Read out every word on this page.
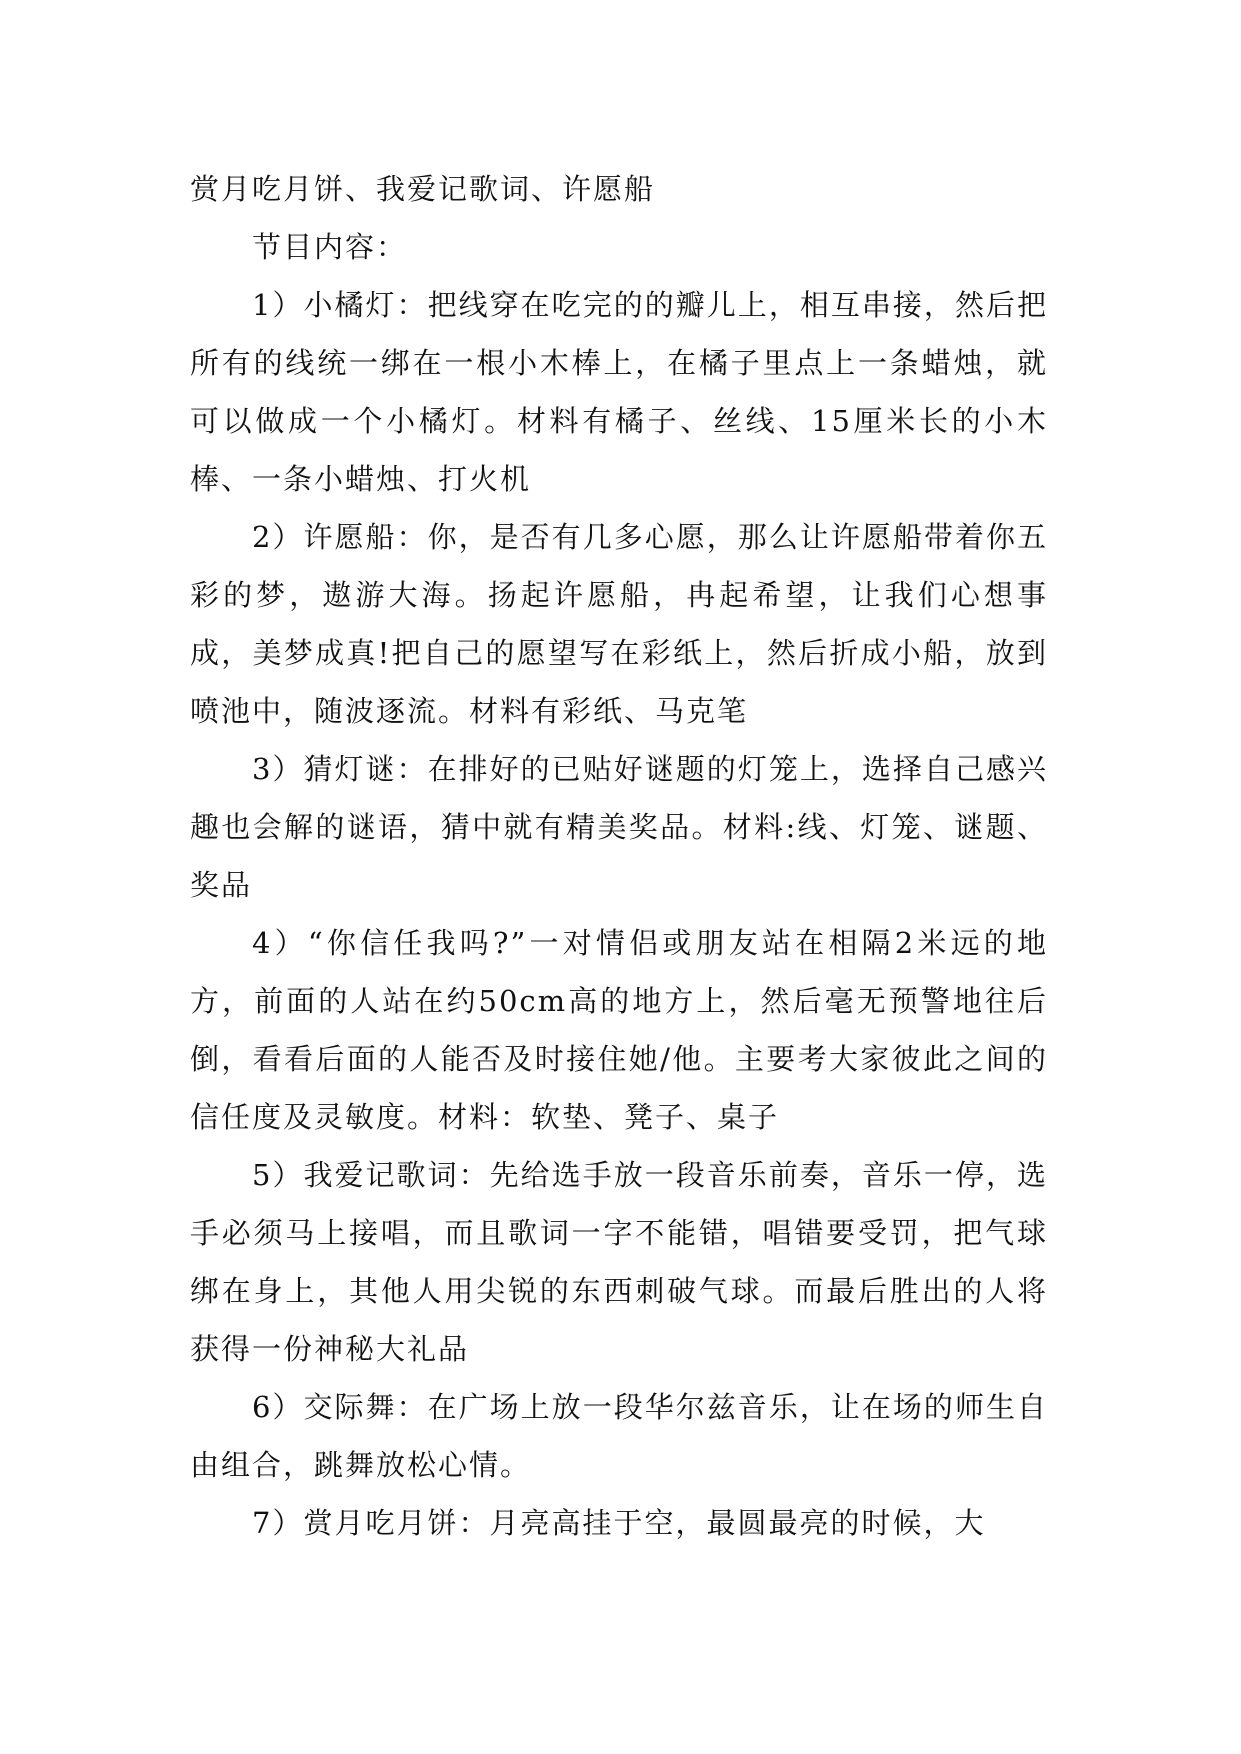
赏月吃月饼、我爱记歌词、许愿船

节目内容：

1）小橘灯：把线穿在吃完的的瓣儿上，相互串接，然后把所有的线统一绑在一根小木棒上，在橘子里点上一条蜡烛，就可以做成一个小橘灯。材料有橘子、丝线、15厘米长的小木棒、一条小蜡烛、打火机

2）许愿船：你，是否有几多心愿，那么让许愿船带着你五彩的梦，遨游大海。扬起许愿船，冉起希望，让我们心想事成，美梦成真!把自己的愿望写在彩纸上，然后折成小船，放到喷池中，随波逐流。材料有彩纸、马克笔

3）猜灯谜：在排好的已贴好谜题的灯笼上，选择自己感兴趣也会解的谜语，猜中就有精美奖品。材料:线、灯笼、谜题、奖品

4）“你信任我吗?”一对情侣或朋友站在相隔2米远的地方，前面的人站在约50cm高的地方上，然后毫无预警地往后倒，看看后面的人能否及时接住她/他。主要考大家彼此之间的信任度及灵敏度。材料：软垫、凳子、桌子

5）我爱记歌词：先给选手放一段音乐前奏，音乐一停，选手必须马上接唱，而且歌词一字不能错，唱错要受罚，把气球绑在身上，其他人用尖锐的东西刺破气球。而最后胜出的人将获得一份神秘大礼品

6）交际舞：在广场上放一段华尔兹音乐，让在场的师生自由组合，跳舞放松心情。

7）赏月吃月饼：月亮高挂于空，最圆最亮的时候，大
